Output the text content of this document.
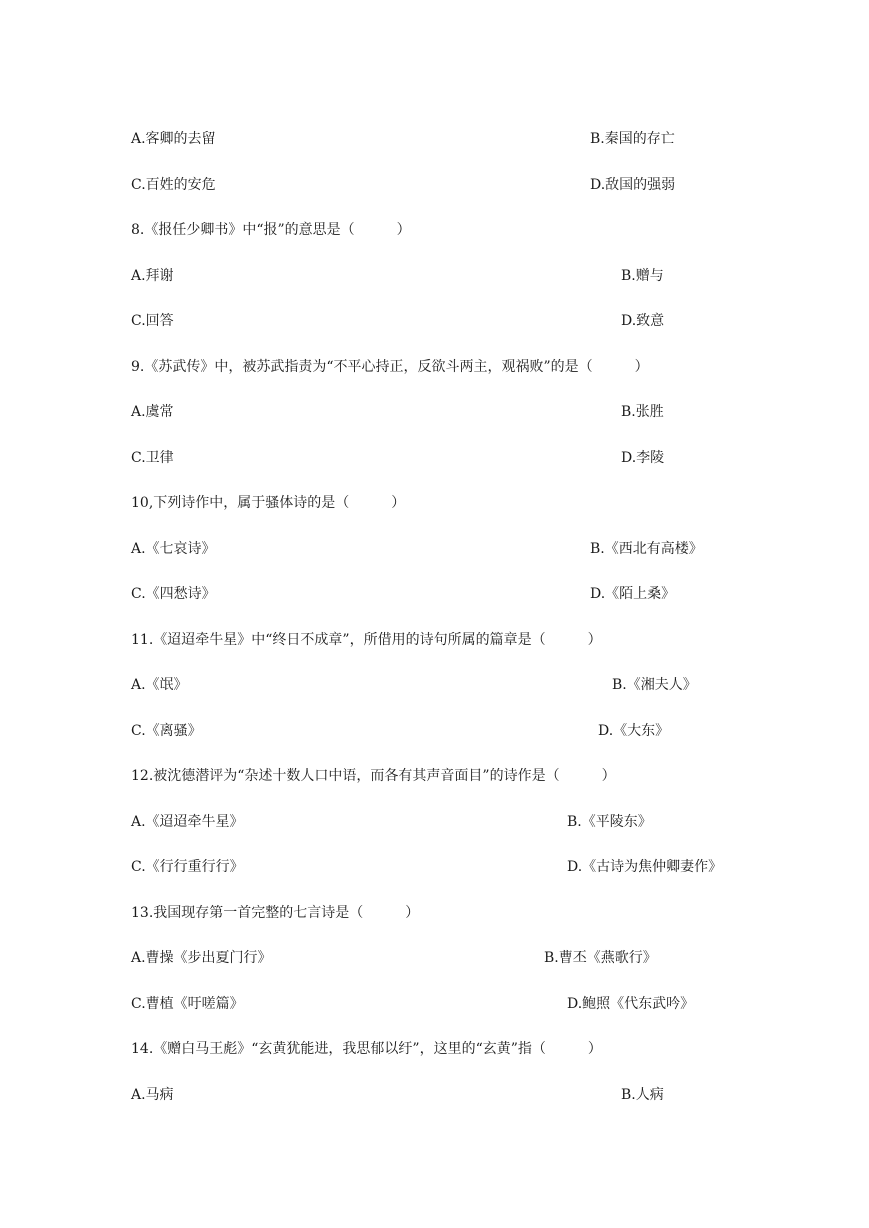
A.客卿的去留	B.秦国的存亡
C.百姓的安危	D.敌国的强弱
8.《报任少卿书》中“报”的意思是（　　　）
A.拜谢	B.赠与
C.回答	D.致意
9.《苏武传》中，被苏武指责为“不平心持正，反欲斗两主，观祸败”的是（　　　）
A.虞常	B.张胜
C.卫律	D.李陵
10,下列诗作中，属于骚体诗的是（　　　）
A.《七哀诗》	B.《西北有高楼》
C.《四愁诗》	D.《陌上桑》
11.《迢迢牵牛星》中“终日不成章”，所借用的诗句所属的篇章是（　　　）
A.《氓》	B.《湘夫人》
C.《离骚》	D.《大东》
12.被沈德潜评为“杂述十数人口中语，而各有其声音面目”的诗作是（　　　）
A.《迢迢牵牛星》	B.《平陵东》
C.《行行重行行》	D.《古诗为焦仲卿妻作》
13.我国现存第一首完整的七言诗是（　　　）
A.曹操《步出夏门行》	B.曹丕《燕歌行》
C.曹植《吁嗟篇》	D.鲍照《代东武吟》
14.《赠白马王彪》“玄黄犹能进，我思郁以纡”，这里的“玄黄”指（　　　）
A.马病	B.人病
